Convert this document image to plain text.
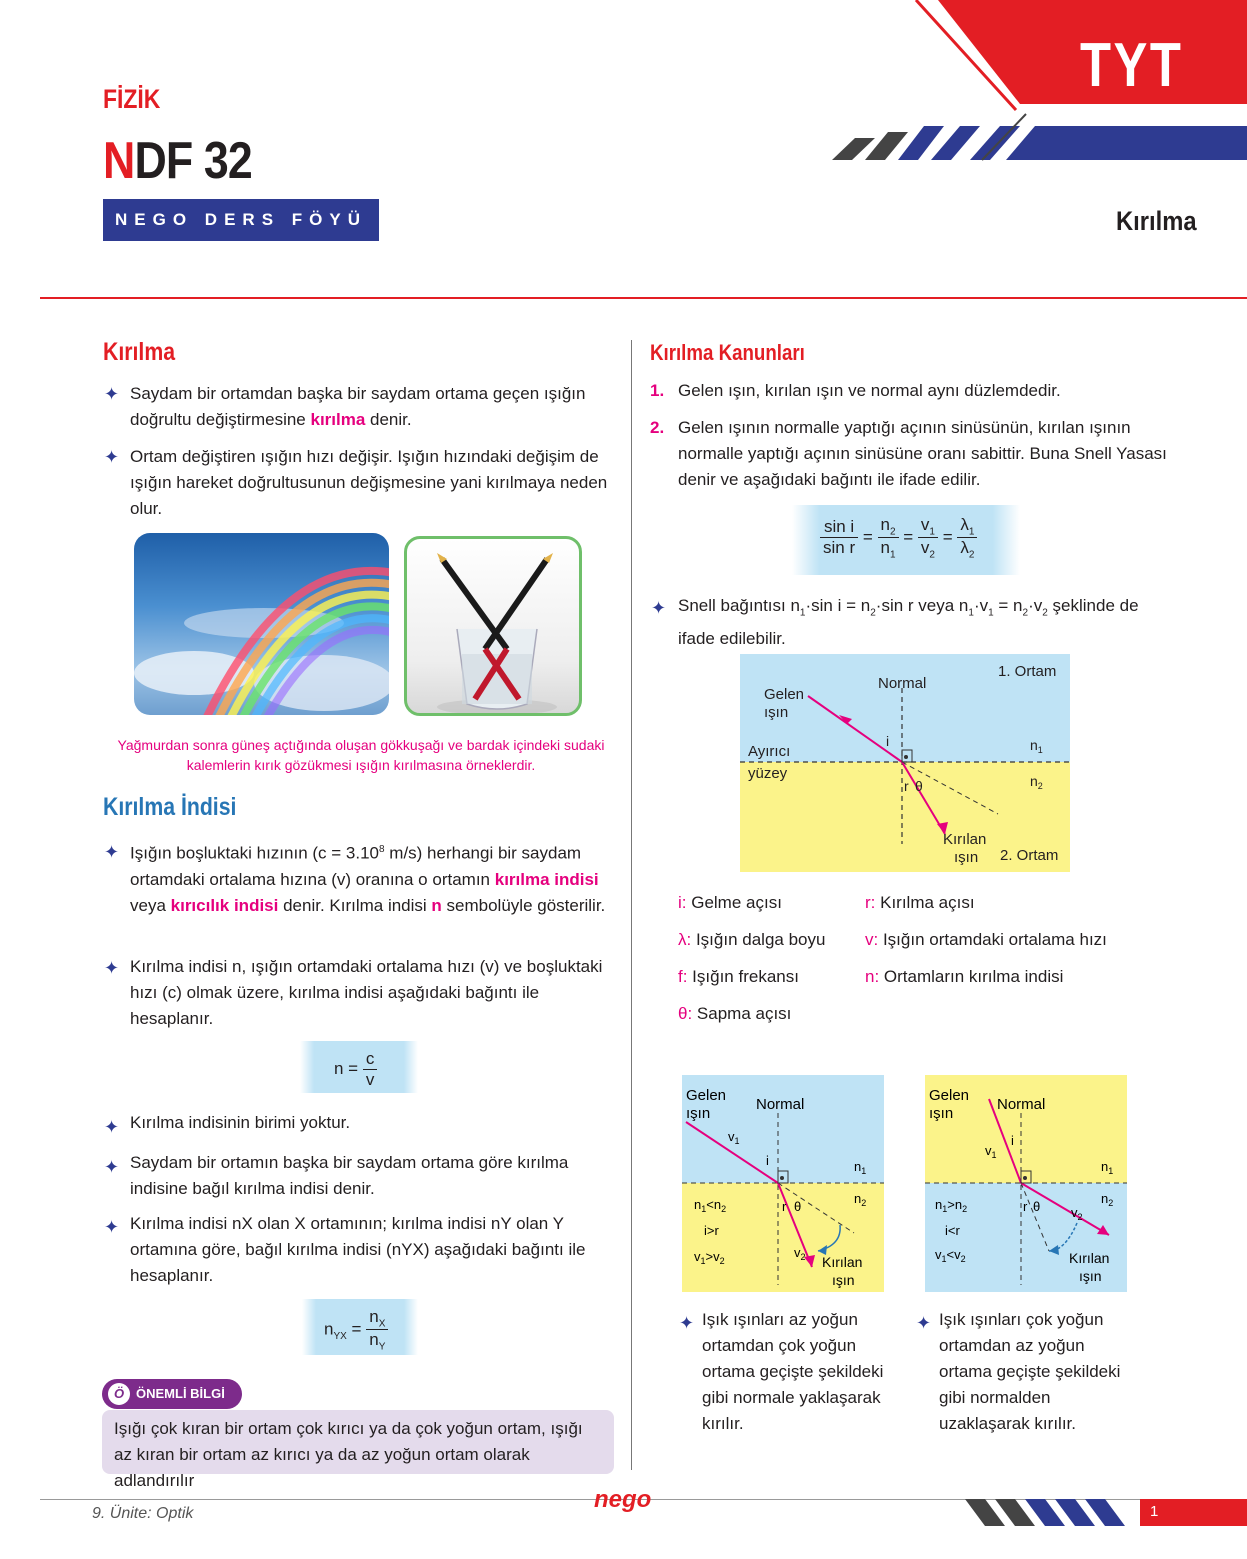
FİZİK
NDF 32
NEGO DERS FÖYÜ
TYT
Kırılma
Kırılma
✦ Saydam bir ortamdan başka bir saydam ortama geçen ışığın doğrultu değiştirmesine kırılma denir.
✦ Ortam değiştiren ışığın hızı değişir. Işığın hızındaki değişim de ışığın hareket doğrultusunun değişmesine yani kırılmaya neden olur.
Yağmurdan sonra güneş açtığında oluşan gökkuşağı ve bardak içindeki sudaki kalemlerin kırık gözükmesi ışığın kırılmasına örneklerdir.
Kırılma İndisi
✦ Işığın boşluktaki hızının ($c = 3.10^8$ m/s) herhangi bir saydam ortamdaki ortalama hızına (v) oranına o ortamın kırılma indisi veya kırıcılık indisi denir. Kırılma indisi n sembolüyle gösterilir.
✦ Kırılma indisi n, ışığın ortamdaki ortalama hızı (v) ve boşluktaki hızı (c) olmak üzere, kırılma indisi aşağıdaki bağıntı ile hesaplanır.
$n = \frac{c}{v}$
✦ Kırılma indisinin birimi yoktur.
✦ Saydam bir ortamın başka bir saydam ortama göre kırılma indisine bağıl kırılma indisi denir.
✦ Kırılma indisi nX olan X ortamının; kırılma indisi nY olan Y ortamına göre, bağıl kırılma indisi (nYX) aşağıdaki bağıntı ile hesaplanır.
$n_{YX} = \frac{n_X}{n_Y}$
Ö ÖNEMLİ BİLGİ
Işığı çok kıran bir ortam çok kırıcı ya da çok yoğun ortam, ışığı az kıran bir ortam az kırıcı ya da az yoğun ortam olarak adlandırılır
Kırılma Kanunları
1. Gelen ışın, kırılan ışın ve normal aynı düzlemdedir.
2. Gelen ışının normalle yaptığı açının sinüsünün, kırılan ışının normalle yaptığı açının sinüsüne oranı sabittir. Buna Snell Yasası denir ve aşağıdaki bağıntı ile ifade edilir.
$\frac{\text{sin i}}{\text{sin r}} = \frac{n_2}{n_1} = \frac{v_1}{v_2} = \frac{\lambda_1}{\lambda_2}$
✦ Snell bağıntısı $n_1\cdot\sin$ $i = n_2\cdot\sin$ r veya $n_1\cdot v_1 = n_2\cdot v_2$ şeklinde de ifade edilebilir.
1. Ortam
Normal
Gelen
ışın
i
Ayırıcı
yüzey
$n_1$
$n_2$
r θ
Kırılan
ışın 2. Ortam
i: Gelme açısı	r: Kırılma açısı
λ: Işığın dalga boyu v: Işığın ortamdaki ortalama hızı
f: Işığın frekansı	n: Ortamların kırılma indisi
θ: Sapma açısı
Gelen
ışın
Normal
$v_1$
i	$n_1$
$n_2$
r θ
$n_1<n_2$
i>r
$v_1>v_2$
$v_2$ Kırılan
ışın
Gelen
ışın
Normal
$v_1$
i
$n_1$
$n_2$
r θ $v_2$
$n_1>n_2$
i<r
$v_1<v_2$	Kırılan
ışın
✦ Işık ışınları az yoğun ortamdan çok yoğun ortama geçişte şekildeki gibi normale yaklaşarak kırılır.
✦ Işık ışınları çok yoğun ortamdan az yoğun ortama geçişte şekildeki gibi normalden uzaklaşarak kırılır.
9. Ünite: Optik
nego	1
